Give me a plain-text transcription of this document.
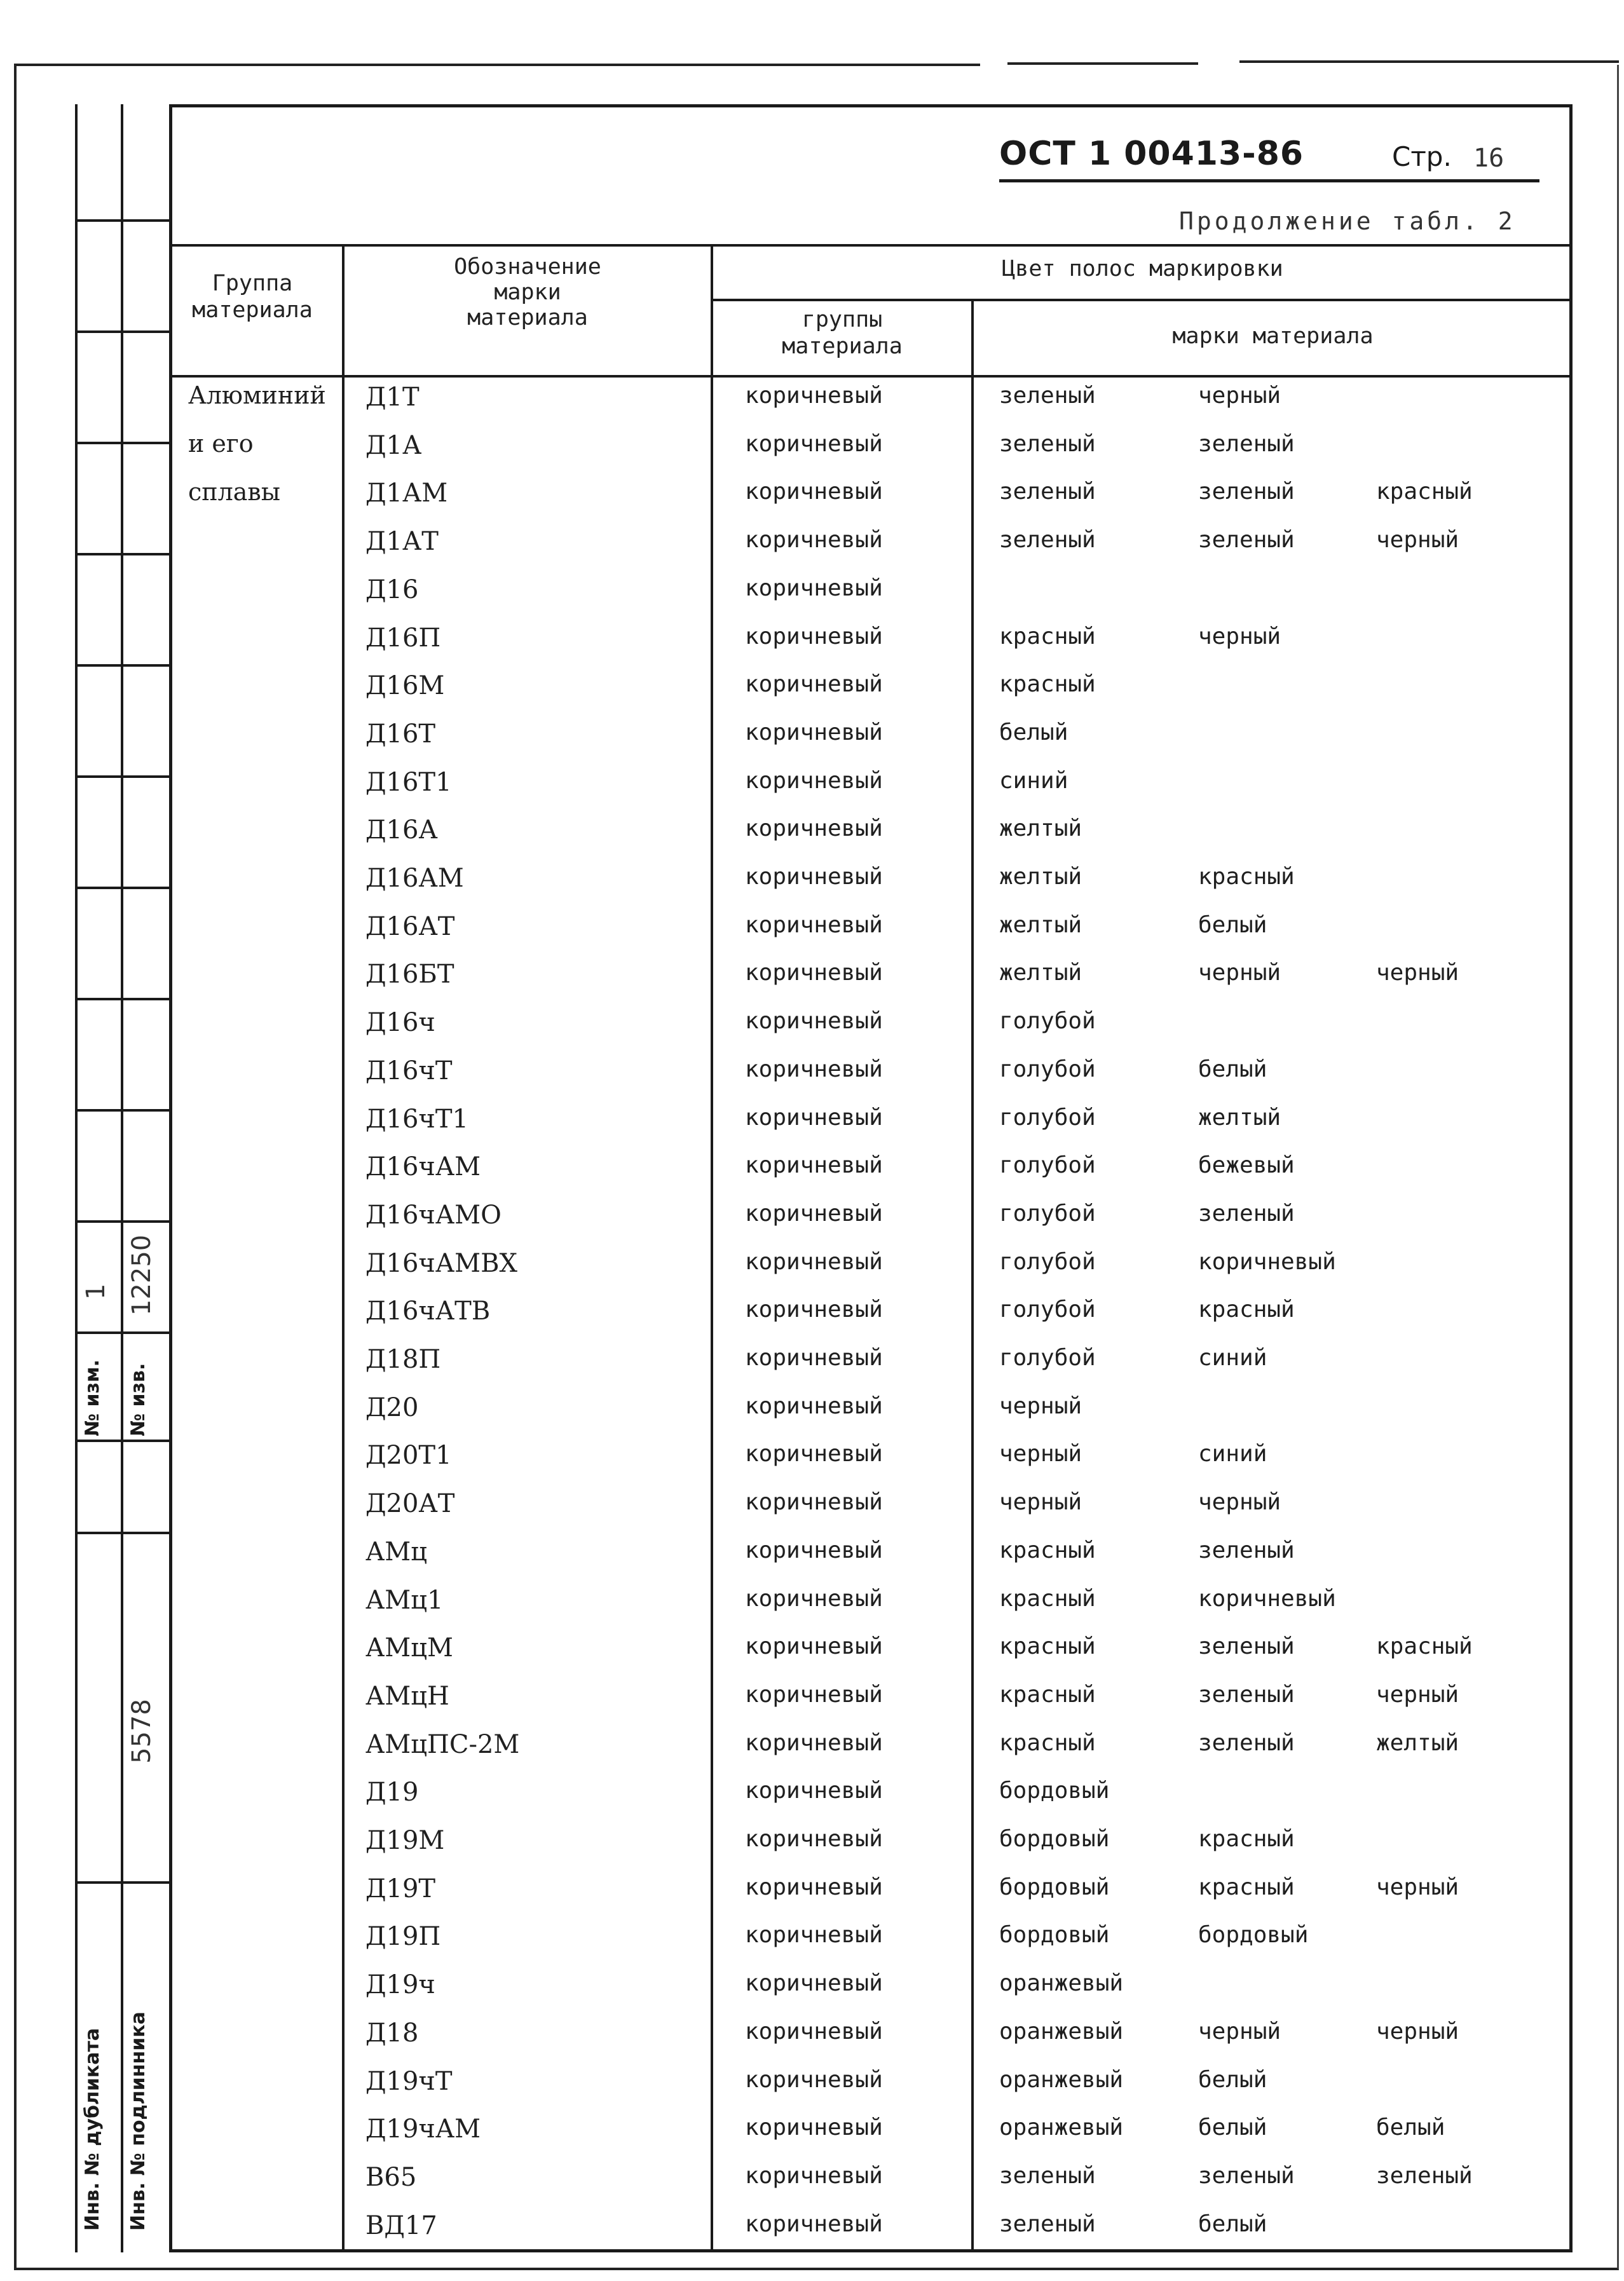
1 12250
№ изм. № изв.
5578
Инв. № дубликата Инв. № подлинника
ОСТ 1 00413-86	Стр. 16
Продолжение табл. 2
Группа
материала
Обозначение
марки
материала
Цвет полос маркировки
группы
материала	марки материала
Алюминий
и его
сплавы
Д1Т	коричневый	зеленый	черный
Д1А	коричневый	зеленый	зеленый
Д1АМ	коричневый	зеленый	зеленый	красный
Д1АТ	коричневый	зеленый	зеленый	черный
Д16	коричневый
Д16П	коричневый	красный	черный
Д16М	коричневый	красный
Д16Т	коричневый	белый
Д16Т1	коричневый	синий
Д16А	коричневый	желтый
Д16АМ	коричневый	желтый	красный
Д16АТ	коричневый	желтый	белый
Д16БТ	коричневый	желтый	черный	черный
Д16ч	коричневый	голубой
Д16чТ	коричневый	голубой	белый
Д16чТ1	коричневый	голубой	желтый
Д16чАМ	коричневый	голубой	бежевый
Д16чАМО	коричневый	голубой	зеленый
Д16чАМВХ	коричневый	голубой	коричневый
Д16чАТВ	коричневый	голубой	красный
Д18П	коричневый	голубой	синий
Д20	коричневый	черный
Д20Т1	коричневый	черный	синий
Д20АТ	коричневый	черный	черный
АМц	коричневый	красный	зеленый
АМц1	коричневый	красный	коричневый
АМцМ	коричневый	красный	зеленый	красный
АМцН	коричневый	красный	зеленый	черный
АМцПС-2М	коричневый	красный	зеленый	желтый
Д19	коричневый	бордовый
Д19М	коричневый	бордовый	красный
Д19Т	коричневый	бордовый	красный	черный
Д19П	коричневый	бордовый	бордовый
Д19ч	коричневый	оранжевый
Д18	коричневый	оранжевый	черный	черный
Д19чТ	коричневый	оранжевый	белый
Д19чАМ	коричневый	оранжевый	белый	белый
В65	коричневый	зеленый	зеленый	зеленый
ВД17	коричневый	зеленый	белый
